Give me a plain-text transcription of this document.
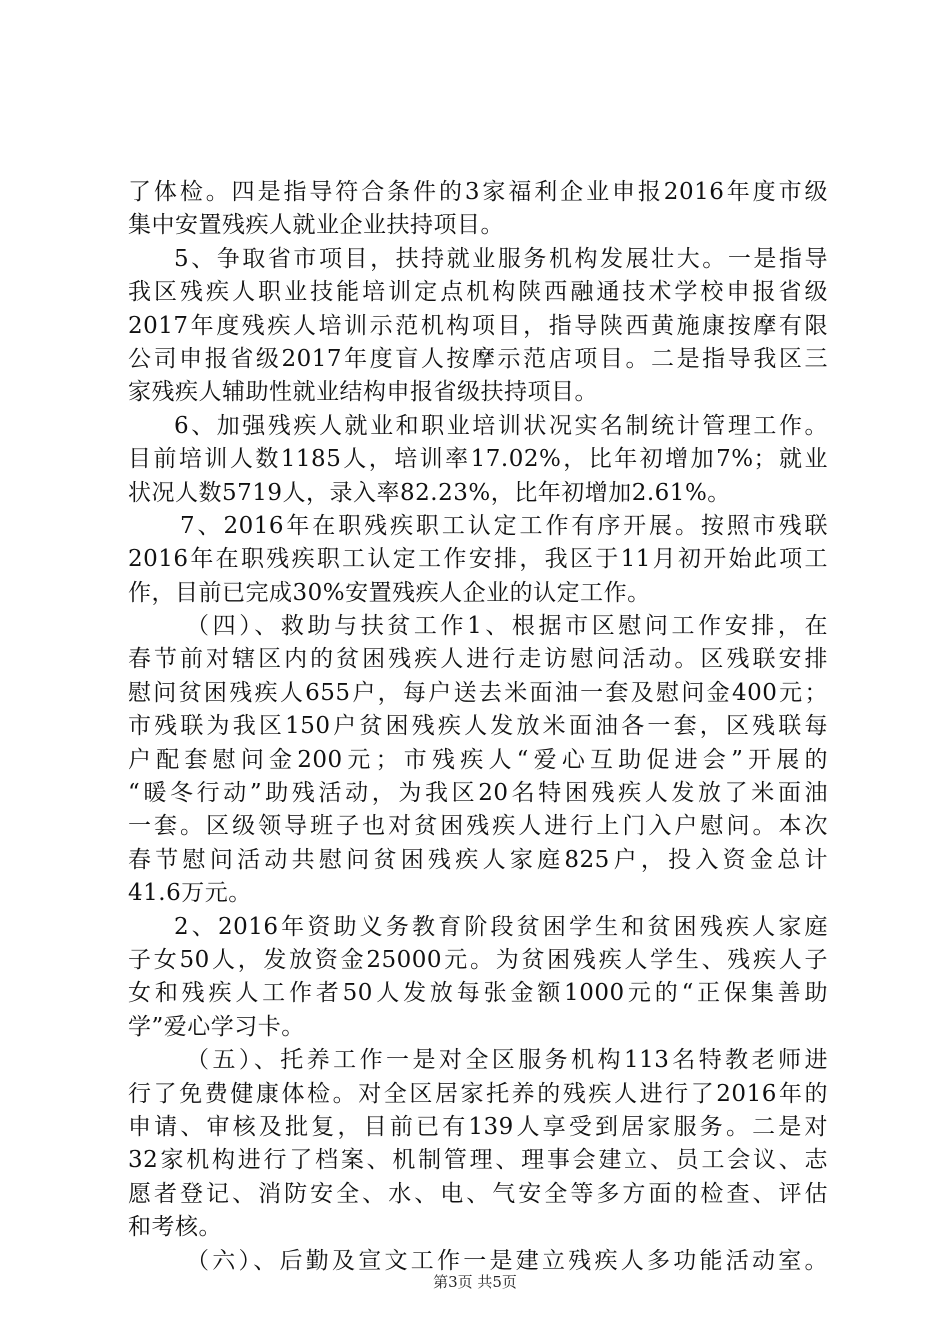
了体检。四是指导符合条件的3家福利企业申报2016年度市级
集中安置残疾人就业企业扶持项目。
5、争取省市项目，扶持就业服务机构发展壮大。一是指导
我区残疾人职业技能培训定点机构陕西融通技术学校申报省级
2017年度残疾人培训示范机构项目，指导陕西黄施康按摩有限
公司申报省级2017年度盲人按摩示范店项目。二是指导我区三
家残疾人辅助性就业结构申报省级扶持项目。
6、加强残疾人就业和职业培训状况实名制统计管理工作。
目前培训人数1185人，培训率17.02%，比年初增加7%；就业
状况人数5719人，录入率82.23%，比年初增加2.61%。
7、2016年在职残疾职工认定工作有序开展。按照市残联
2016年在职残疾职工认定工作安排，我区于11月初开始此项工
作，目前已完成30%安置残疾人企业的认定工作。
（四）、救助与扶贫工作1、根据市区慰问工作安排，在
春节前对辖区内的贫困残疾人进行走访慰问活动。区残联安排
慰问贫困残疾人655户，每户送去米面油一套及慰问金400元；
市残联为我区150户贫困残疾人发放米面油各一套，区残联每
户配套慰问金200元；市残疾人“爱心互助促进会”开展的
“暖冬行动”助残活动，为我区20名特困残疾人发放了米面油
一套。区级领导班子也对贫困残疾人进行上门入户慰问。本次
春节慰问活动共慰问贫困残疾人家庭825户，投入资金总计
41.6万元。
2、2016年资助义务教育阶段贫困学生和贫困残疾人家庭
子女50人，发放资金25000元。为贫困残疾人学生、残疾人子
女和残疾人工作者50人发放每张金额1000元的“正保集善助
学”爱心学习卡。
（五）、托养工作一是对全区服务机构113名特教老师进
行了免费健康体检。对全区居家托养的残疾人进行了2016年的
申请、审核及批复，目前已有139人享受到居家服务。二是对
32家机构进行了档案、机制管理、理事会建立、员工会议、志
愿者登记、消防安全、水、电、气安全等多方面的检查、评估
和考核。
（六）、后勤及宣文工作一是建立残疾人多功能活动室。
第3页 共5页
